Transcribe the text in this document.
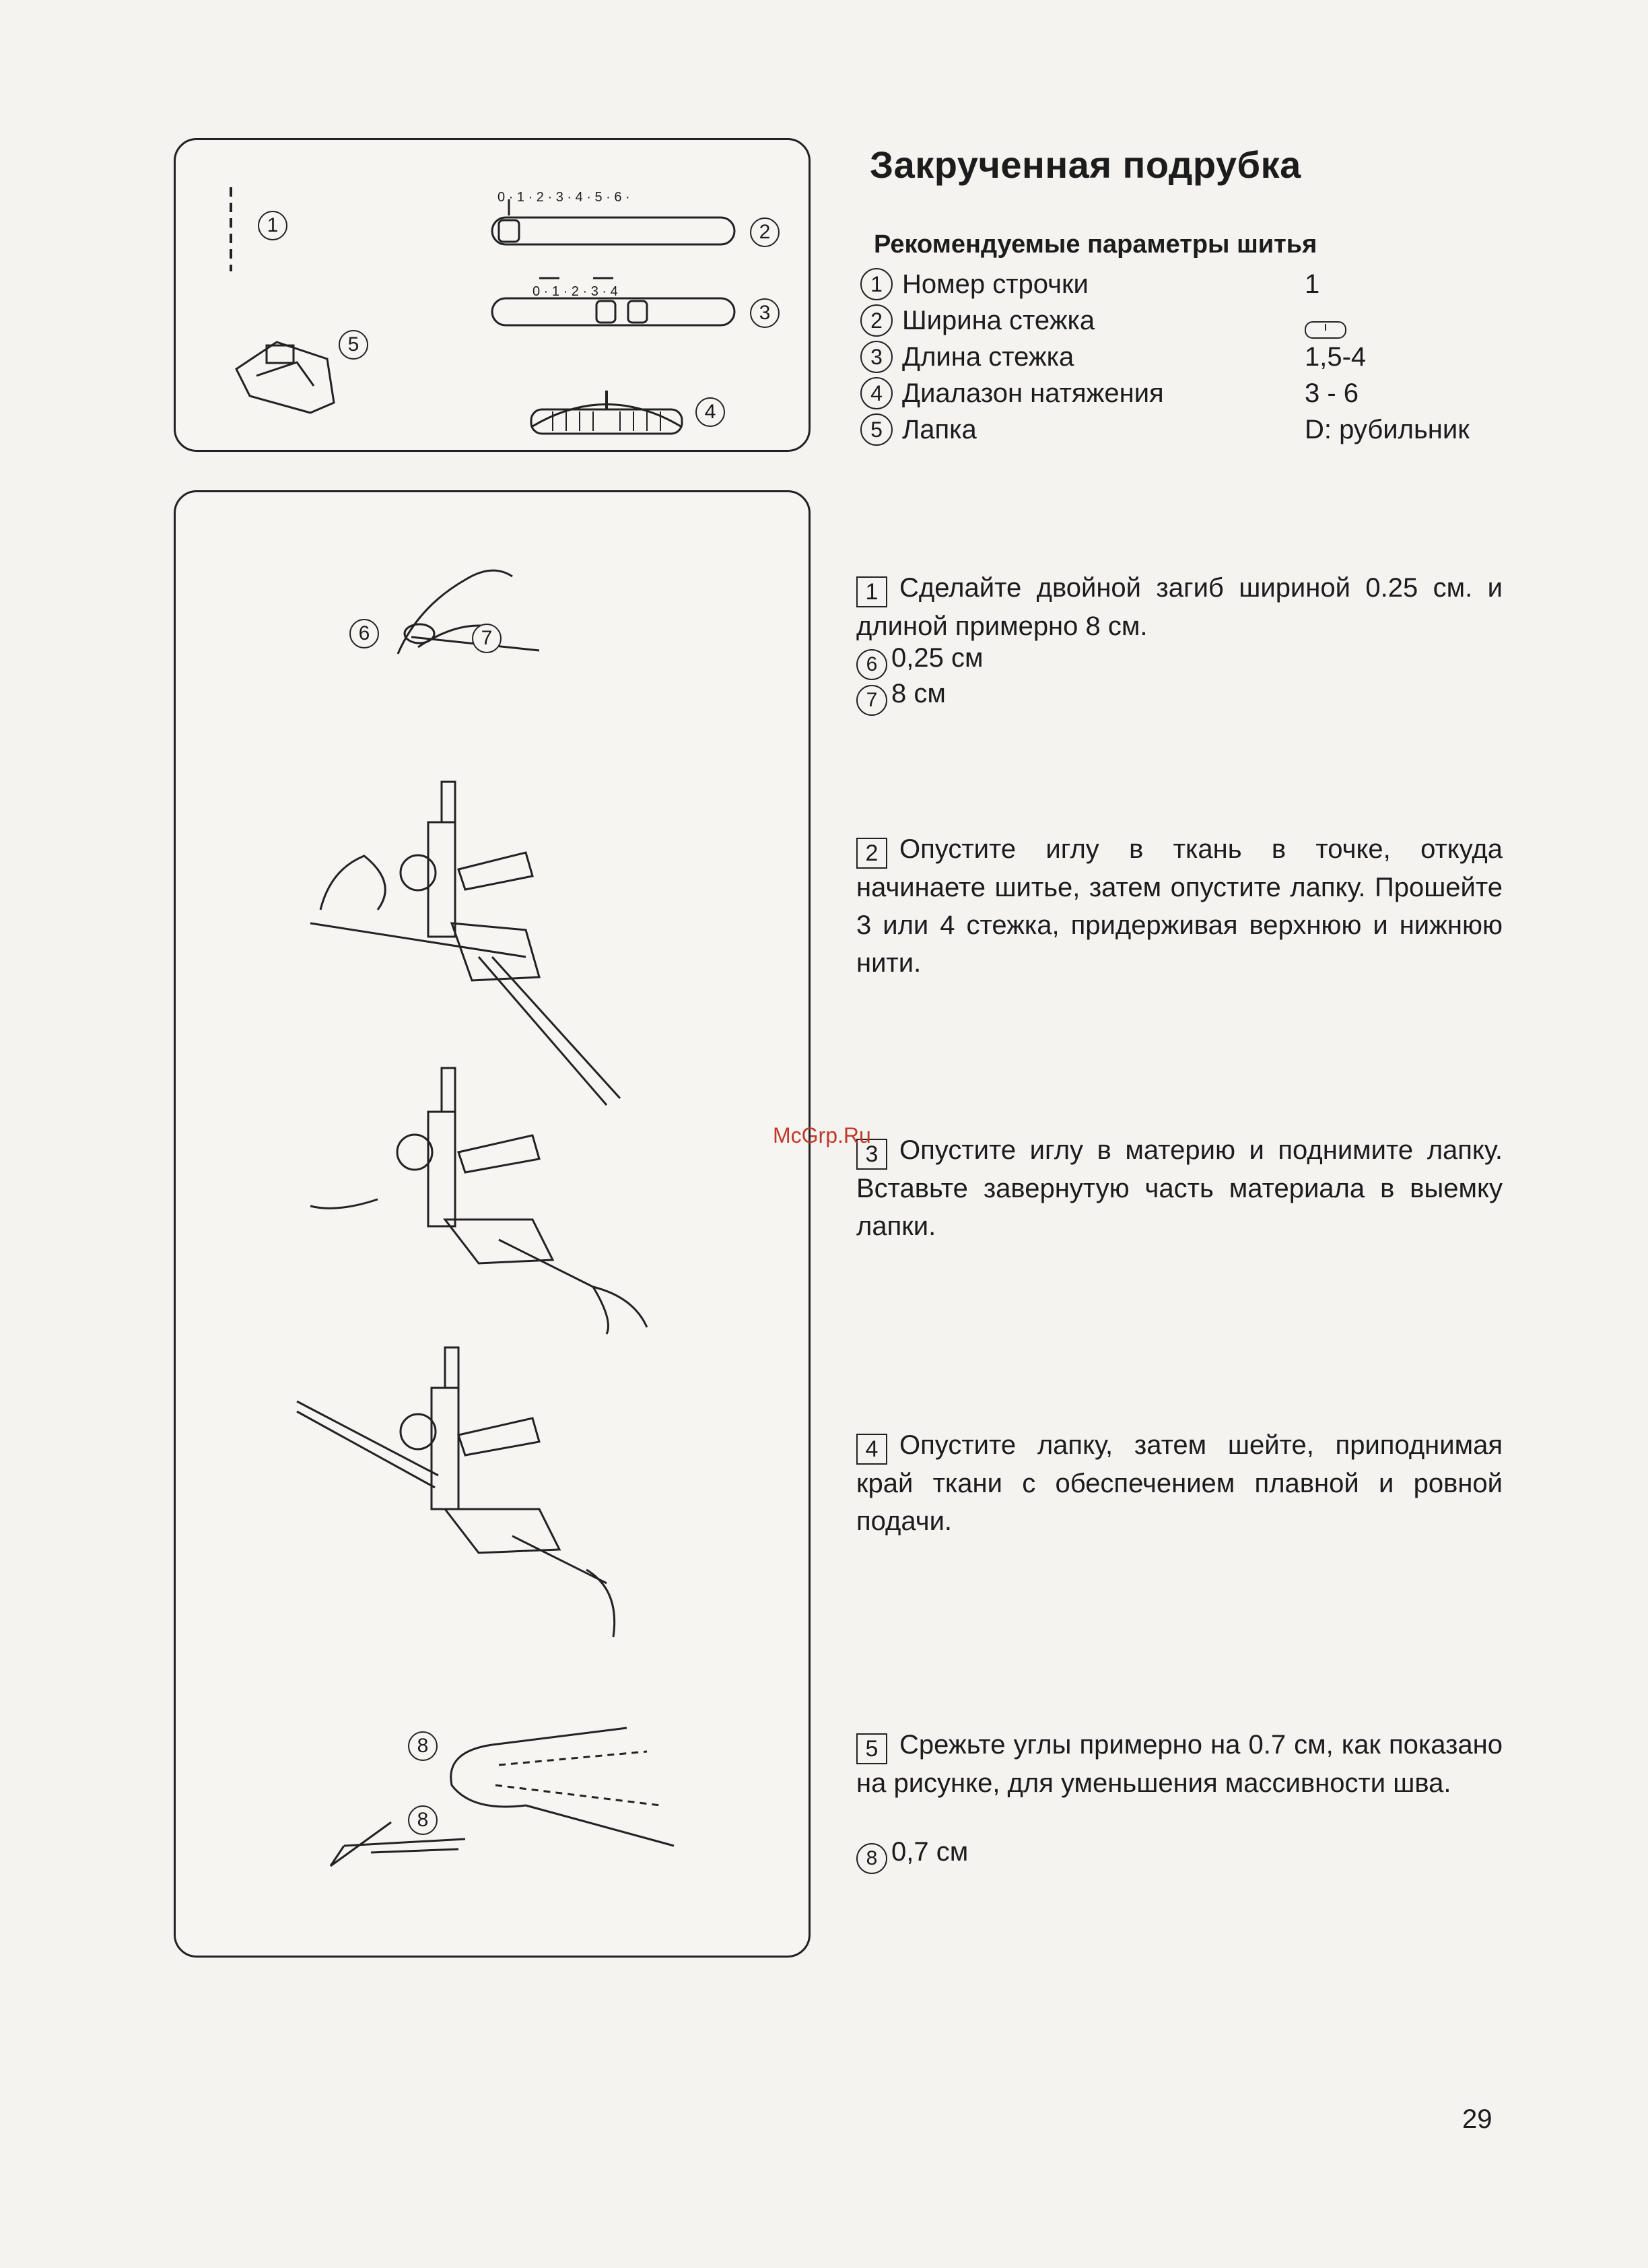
0 · 1 · 2 · 3 · 4 · 5 · 6 ·
0 · 1 · 2 · 3 · 4
1	2
3
4
5
6	7
8
8
Закрученная подрубка
Рекомендуемые параметры шитья
1 Номер строчки	1
2 Ширина стежка
3 Длина стежка	1,5-4
4 Диалазон натяжения	3 - 6
5 Лапка	D: рубильник
1 Сделайте двойной загиб шириной 0.25 см. и длиной примерно 8 см.
6 0,25 см
7 8 см
2 Опустите иглу в ткань в точке, откуда начинаете шитье, затем опустите лапку. Прошейте 3 или 4 стежка, придерживая верхнюю и нижнюю нити.
3 Опустите иглу в материю и поднимите лапку. Вставьте завернутую часть материала в выемку лапки.
McGrp.Ru
4 Опустите лапку, затем шейте, приподнимая край ткани с обеспечением плавной и ровной подачи.
5 Срежьте углы примерно на 0.7 см, как показано на рисунке, для уменьшения массивности шва.
8 0,7 см
29
